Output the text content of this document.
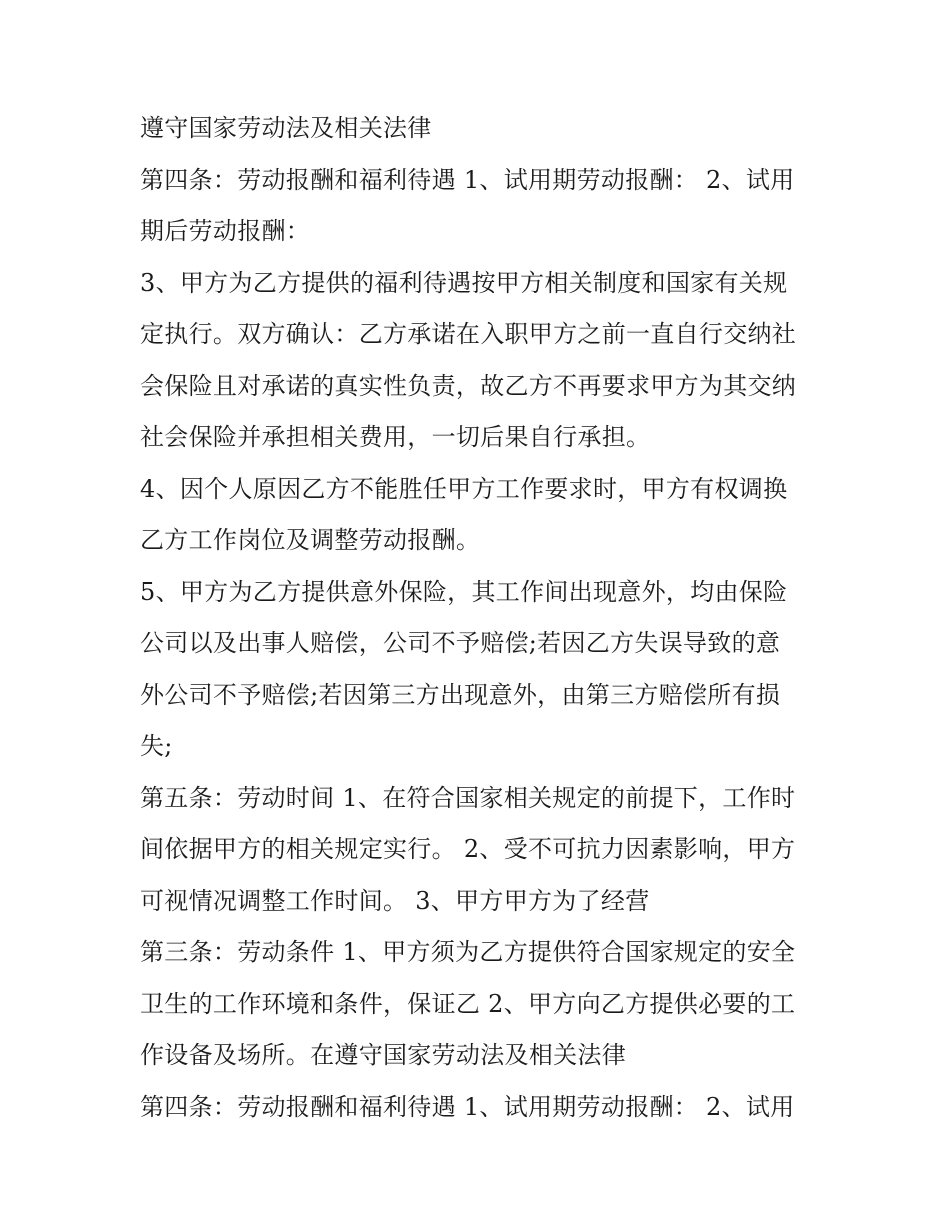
遵守国家劳动法及相关法律
第四条：劳动报酬和福利待遇 1、试用期劳动报酬： 2、试用
期后劳动报酬：
3、甲方为乙方提供的福利待遇按甲方相关制度和国家有关规
定执行。双方确认：乙方承诺在入职甲方之前一直自行交纳社
会保险且对承诺的真实性负责，故乙方不再要求甲方为其交纳
社会保险并承担相关费用，一切后果自行承担。
4、因个人原因乙方不能胜任甲方工作要求时，甲方有权调换
乙方工作岗位及调整劳动报酬。
5、甲方为乙方提供意外保险，其工作间出现意外，均由保险
公司以及出事人赔偿，公司不予赔偿;若因乙方失误导致的意
外公司不予赔偿;若因第三方出现意外，由第三方赔偿所有损
失;
第五条：劳动时间 1、在符合国家相关规定的前提下，工作时
间依据甲方的相关规定实行。 2、受不可抗力因素影响，甲方
可视情况调整工作时间。 3、甲方甲方为了经营
第三条：劳动条件 1、甲方须为乙方提供符合国家规定的安全
卫生的工作环境和条件，保证乙 2、甲方向乙方提供必要的工
作设备及场所。在遵守国家劳动法及相关法律
第四条：劳动报酬和福利待遇 1、试用期劳动报酬： 2、试用
